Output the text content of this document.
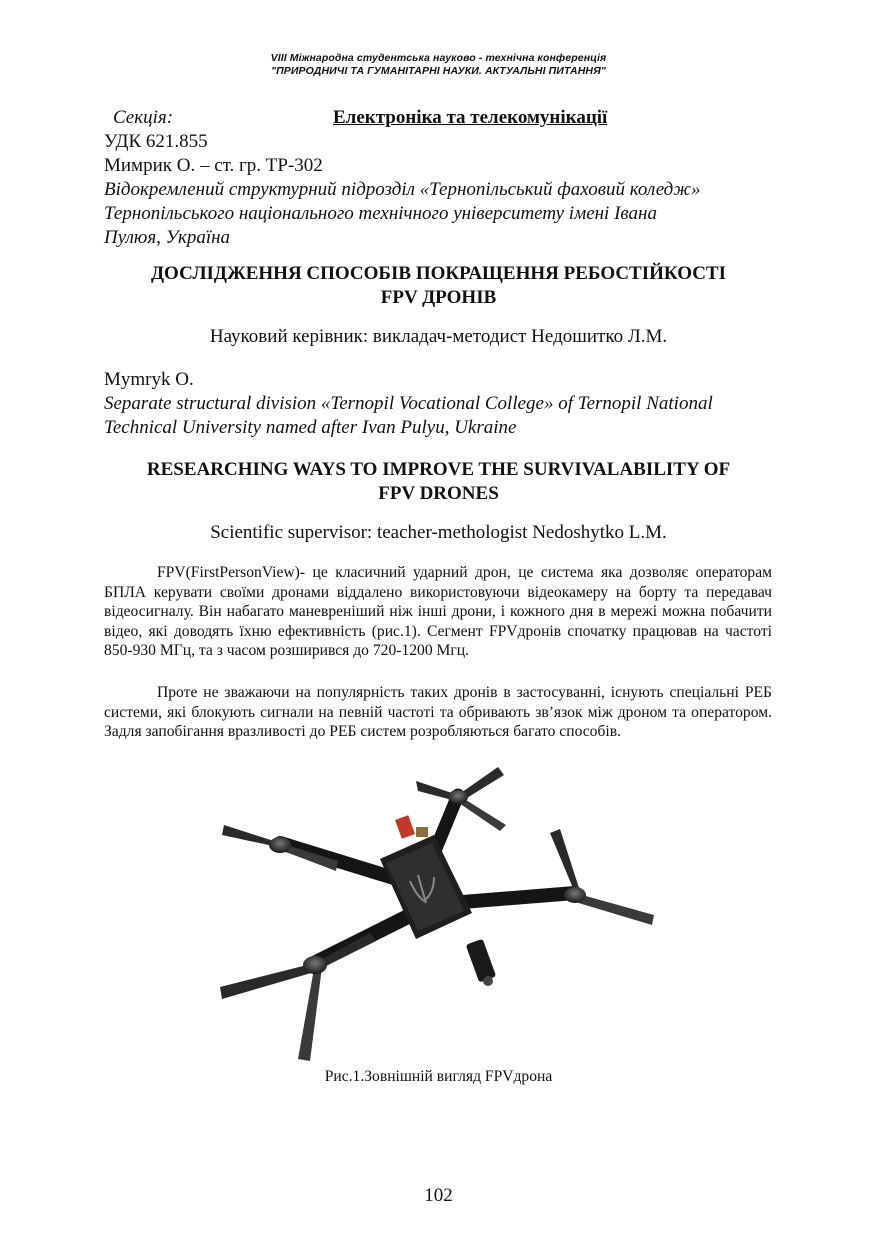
VIII Міжнародна студентська науково - технічна конференція
"ПРИРОДНИЧІ ТА ГУМАНІТАРНІ НАУКИ. АКТУАЛЬНІ ПИТАННЯ"
Секція:	Електроніка та телекомунікації
УДК 621.855
Мимрик О. – ст. гр. ТР-302
Відокремлений структурний підрозділ «Тернопільський фаховий коледж»
Тернопільського національного технічного університету імені Івана
Пулюя, Україна
ДОСЛІДЖЕННЯ СПОСОБІВ ПОКРАЩЕННЯ РЕБОСТІЙКОСТІ
FPV ДРОНІВ
Науковий керівник: викладач-методист Недошитко Л.М.
Mymryk O.
Separate structural division «Ternopil Vocational College» of Ternopil National
Technical University named after Ivan Pulyu, Ukraine
RESEARCHING WAYS TO IMPROVE THE SURVIVALABILITY OF
FPV DRONES
Scientific supervisor: teacher-methologist Nedoshytko L.M.

FPV(FirstPersonView)- це класичний ударний дрон, це система яка дозволяє операторам БПЛА керувати своїми дронами віддалено використовуючи відеокамеру на борту та передавач відеосигналу. Він набагато маневреніший ніж інші дрони, і кожного дня в мережі можна побачити відео, які доводять їхню ефективність (рис.1). Сегмент FPVдронів спочатку працював на частоті 850-930 МГц, та з часом розширився до 720-1200 Мгц.

Проте не зважаючи на популярність таких дронів в застосуванні, існують спеціальні РЕБ системи, які блокують сигнали на певній частоті та обривають зв’язок між дроном та оператором. Задля запобігання вразливості до РЕБ систем розробляються багато способів.

Рис.1.Зовнішній вигляд FPVдрона
102
